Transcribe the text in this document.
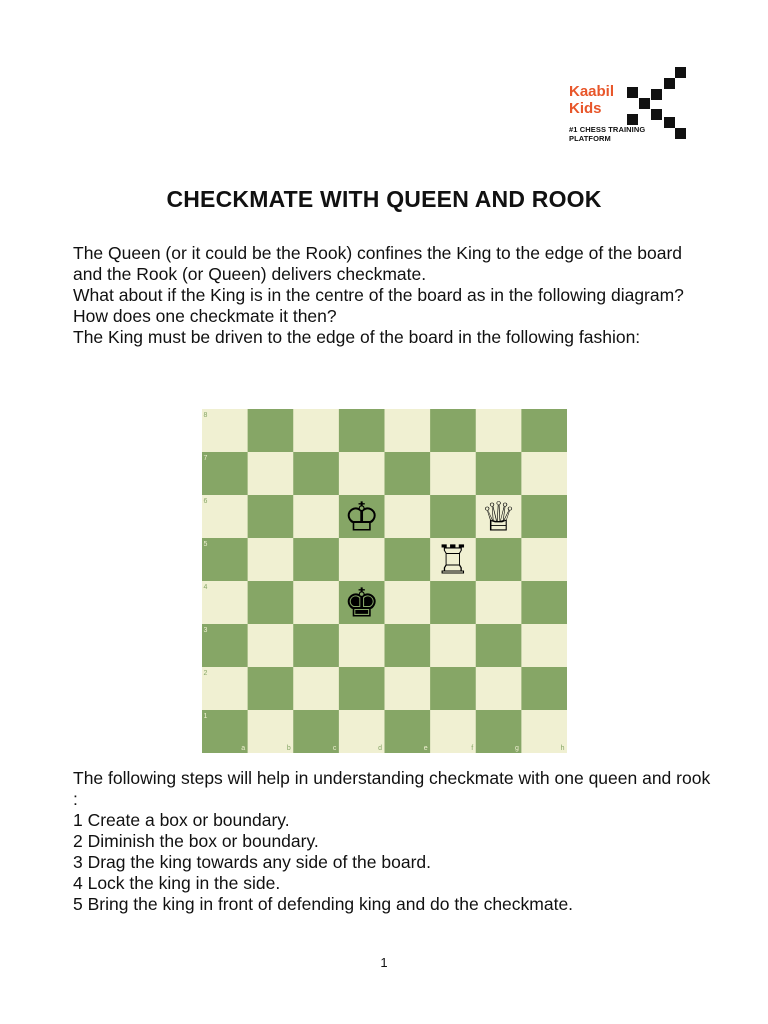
Kaabil
Kids
#1 CHESS TRAINING
PLATFORM
CHECKMATE WITH QUEEN AND ROOK

The Queen (or it could be the Rook) confines the King to the edge of the board and the Rook (or Queen) delivers checkmate.

What about if the King is in the centre of the board as in the following diagram? How does one checkmate it then?

The King must be driven to the edge of the board in the following fashion:

8
7
6
5
4
3
2
1
a	b	c	d	e	f	g	h
♔	♕
♖
♚

The following steps will help in understanding checkmate with one queen and rook :

1 Create a box or boundary.

2 Diminish the box or boundary.

3 Drag the king towards any side of the board.

4 Lock the king in the side.

5 Bring the king in front of defending king and do the checkmate.

1
